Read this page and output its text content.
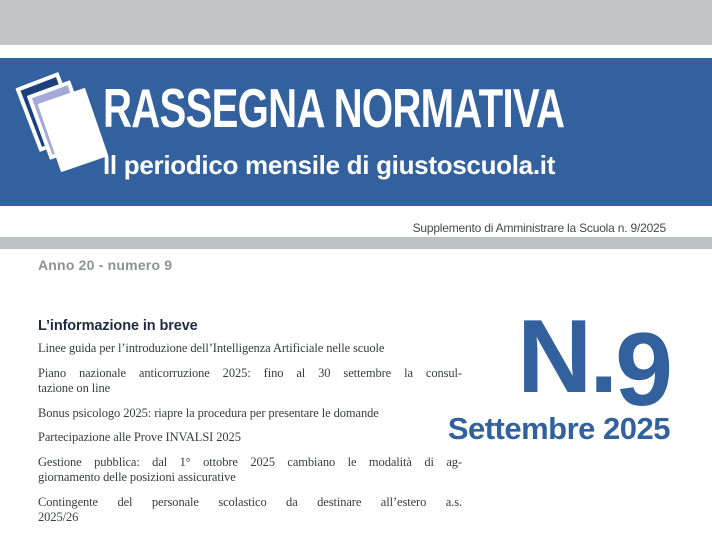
RASSEGNA NORMATIVA
Il periodico mensile di giustoscuola.it
Supplemento di Amministrare la Scuola n. 9/2025
Anno 20 - numero 9
L’informazione in breve
Linee guida per l’introduzione dell’Intelligenza Artificiale nelle scuole
Piano nazionale anticorruzione 2025: fino al 30 settembre la consul-
tazione on line
Bonus psicologo 2025: riapre la procedura per presentare le domande
Partecipazione alle Prove INVALSI 2025
Gestione pubblica: dal 1° ottobre 2025 cambiano le modalità di ag-
giornamento delle posizioni assicurative
Contingente del personale scolastico da destinare all’estero a.s.
2025/26
N.9
Settembre 2025
